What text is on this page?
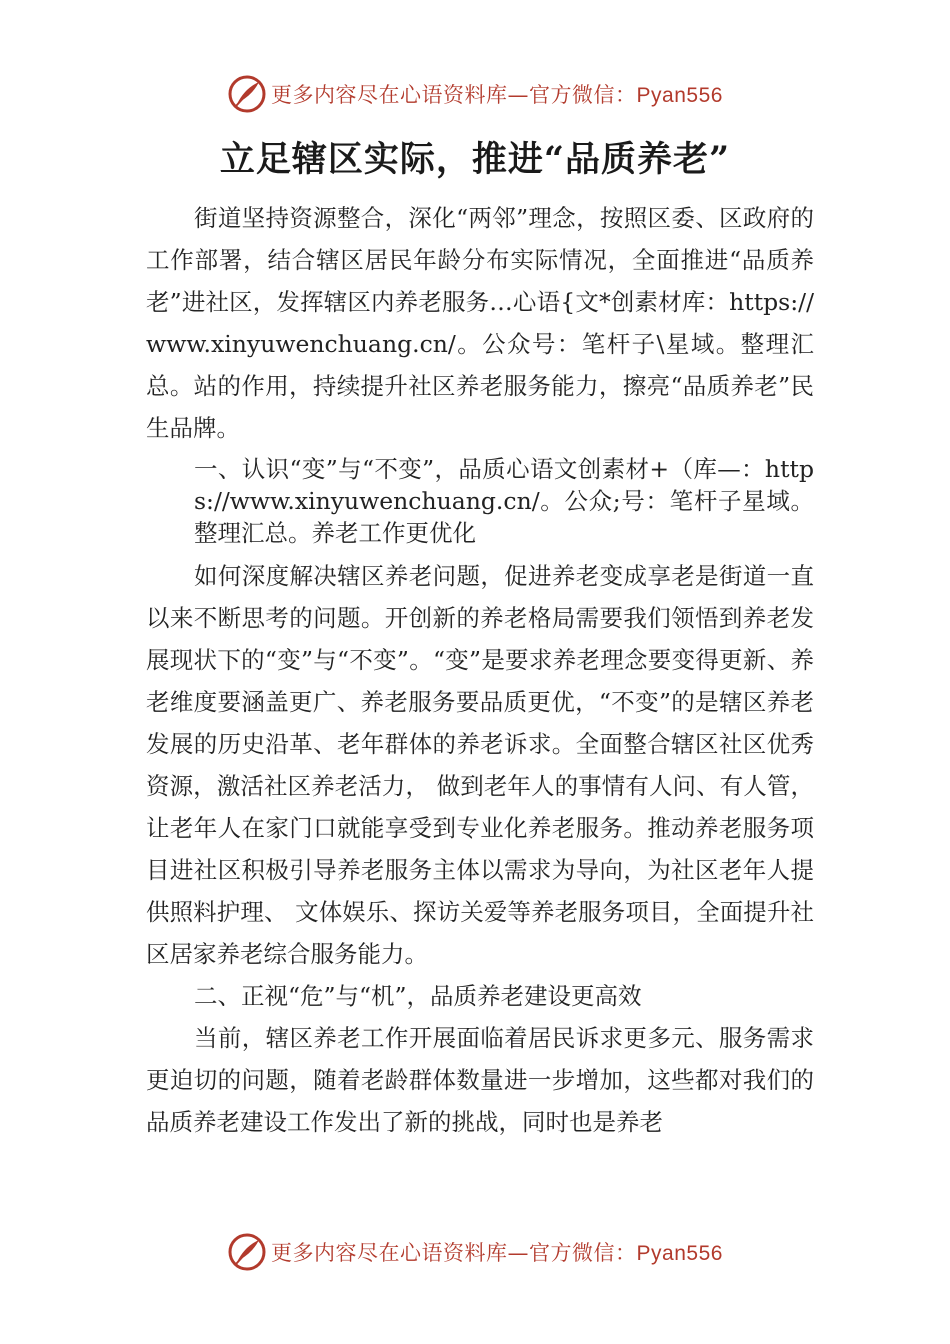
更多内容尽在心语资料库—官方微信：Pyan556
立足辖区实际，推进“品质养老”

街道坚持资源整合，深化“两邻”理念，按照区委、区政府的工作部署，结合辖区居民年龄分布实际情况，全面推进“品质养老”进社区，发挥辖区内养老服务…心语{文*创素材库：https://www.xinyuwenchuang.cn/。公众号：笔杆子\星域。整理汇总。站的作用，持续提升社区养老服务能力，擦亮“品质养老”民生品牌。

一、认识“变”与“不变”，品质心语文创素材+（库—：https://www.xinyuwenchuang.cn/。公众;号：笔杆子星域。整理汇总。养老工作更优化

如何深度解决辖区养老问题，促进养老变成享老是街道一直以来不断思考的问题。开创新的养老格局需要我们领悟到养老发展现状下的“变”与“不变”。“变”是要求养老理念要变得更新、养老维度要涵盖更广、养老服务要品质更优，“不变”的是辖区养老发展的历史沿革、老年群体的养老诉求。全面整合辖区社区优秀资源，激活社区养老活力， 做到老年人的事情有人问、有人管，让老年人在家门口就能享受到专业化养老服务。推动养老服务项目进社区积极引导养老服务主体以需求为导向，为社区老年人提供照料护理、 文体娱乐、探访关爱等养老服务项目，全面提升社区居家养老综合服务能力。

二、正视“危”与“机”，品质养老建设更高效

当前，辖区养老工作开展面临着居民诉求更多元、服务需求更迫切的问题，随着老龄群体数量进一步增加，这些都对我们的品质养老建设工作发出了新的挑战，同时也是养老

更多内容尽在心语资料库—官方微信：Pyan556
